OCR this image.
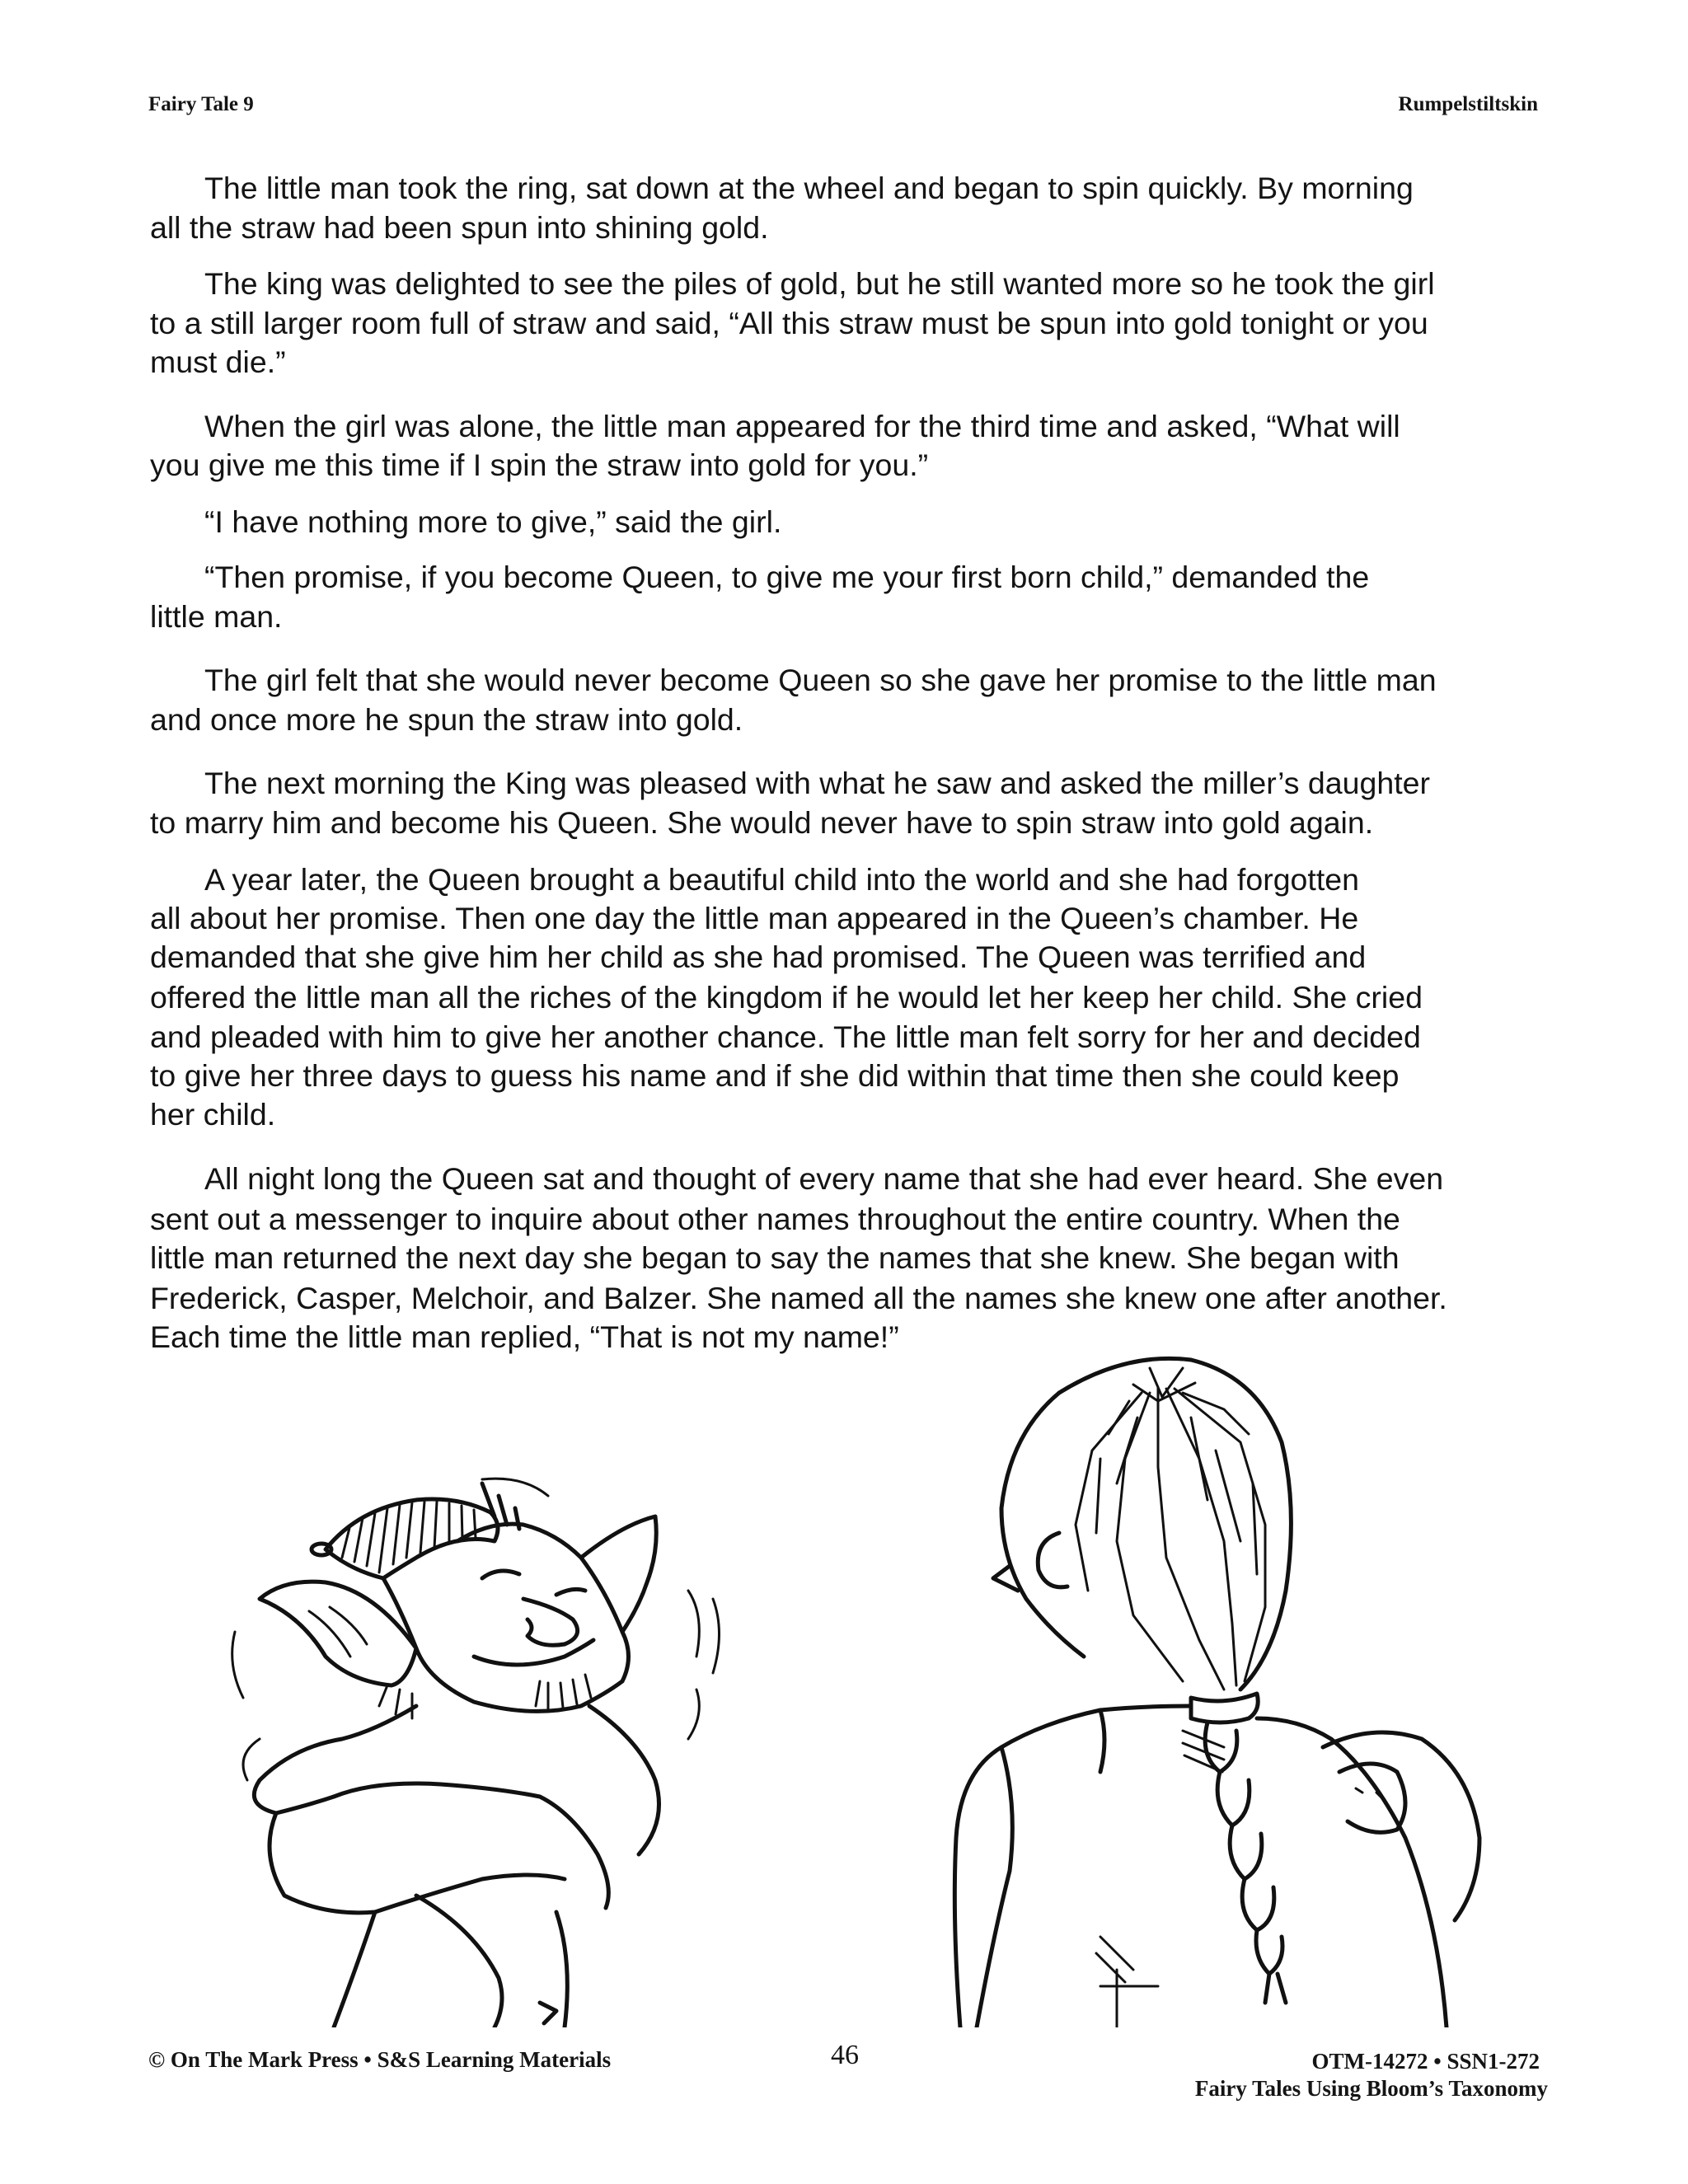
Fairy Tale 9	Rumpelstiltskin
The little man took the ring, sat down at the wheel and began to spin quickly. By morning
all the straw had been spun into shining gold.
The king was delighted to see the piles of gold, but he still wanted more so he took the girl
to a still larger room full of straw and said, “All this straw must be spun into gold tonight or you
must die.”
When the girl was alone, the little man appeared for the third time and asked, “What will
you give me this time if I spin the straw into gold for you.”
“I have nothing more to give,” said the girl.
“Then promise, if you become Queen, to give me your first born child,” demanded the
little man.
The girl felt that she would never become Queen so she gave her promise to the little man
and once more he spun the straw into gold.
The next morning the King was pleased with what he saw and asked the miller’s daughter
to marry him and become his Queen. She would never have to spin straw into gold again.
A year later, the Queen brought a beautiful child into the world and she had forgotten
all about her promise. Then one day the little man appeared in the Queen’s chamber. He
demanded that she give him her child as she had promised. The Queen was terrified and
offered the little man all the riches of the kingdom if he would let her keep her child. She cried
and pleaded with him to give her another chance. The little man felt sorry for her and decided
to give her three days to guess his name and if she did within that time then she could keep
her child.
All night long the Queen sat and thought of every name that she had ever heard. She even
sent out a messenger to inquire about other names throughout the entire country. When the
little man returned the next day she began to say the names that she knew. She began with
Frederick, Casper, Melchoir, and Balzer. She named all the names she knew one after another.
Each time the little man replied, “That is not my name!”
© On The Mark Press • S&S Learning Materials	46	OTM-14272 • SSN1-272
Fairy Tales Using Bloom’s Taxonomy
